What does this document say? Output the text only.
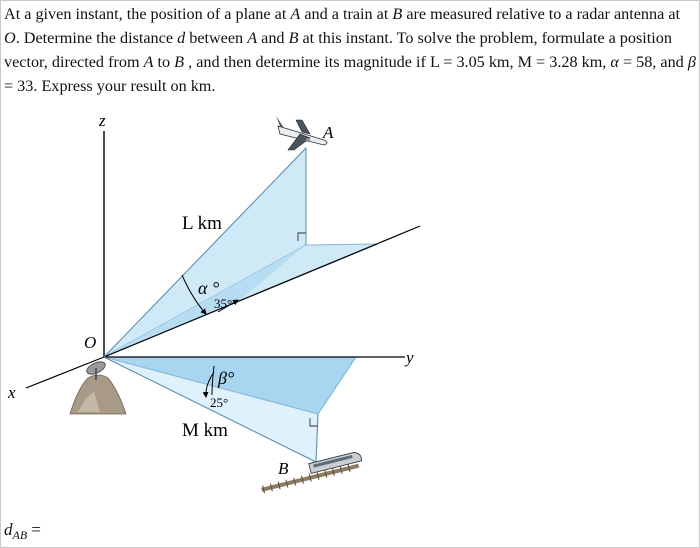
At a given instant, the position of a plane at A and a train at B are measured relative to a radar antenna at O. Determine the distance d between A and B at this instant. To solve the problem, formulate a position vector, directed from A to B , and then determine its magnitude if L = 3.05 km, M = 3.28 km, α = 58, and β = 33. Express your result on km.

z
x
y
O
A
B
L km
M km
α °
35°
β°
25°
$d_{AB}$ =
